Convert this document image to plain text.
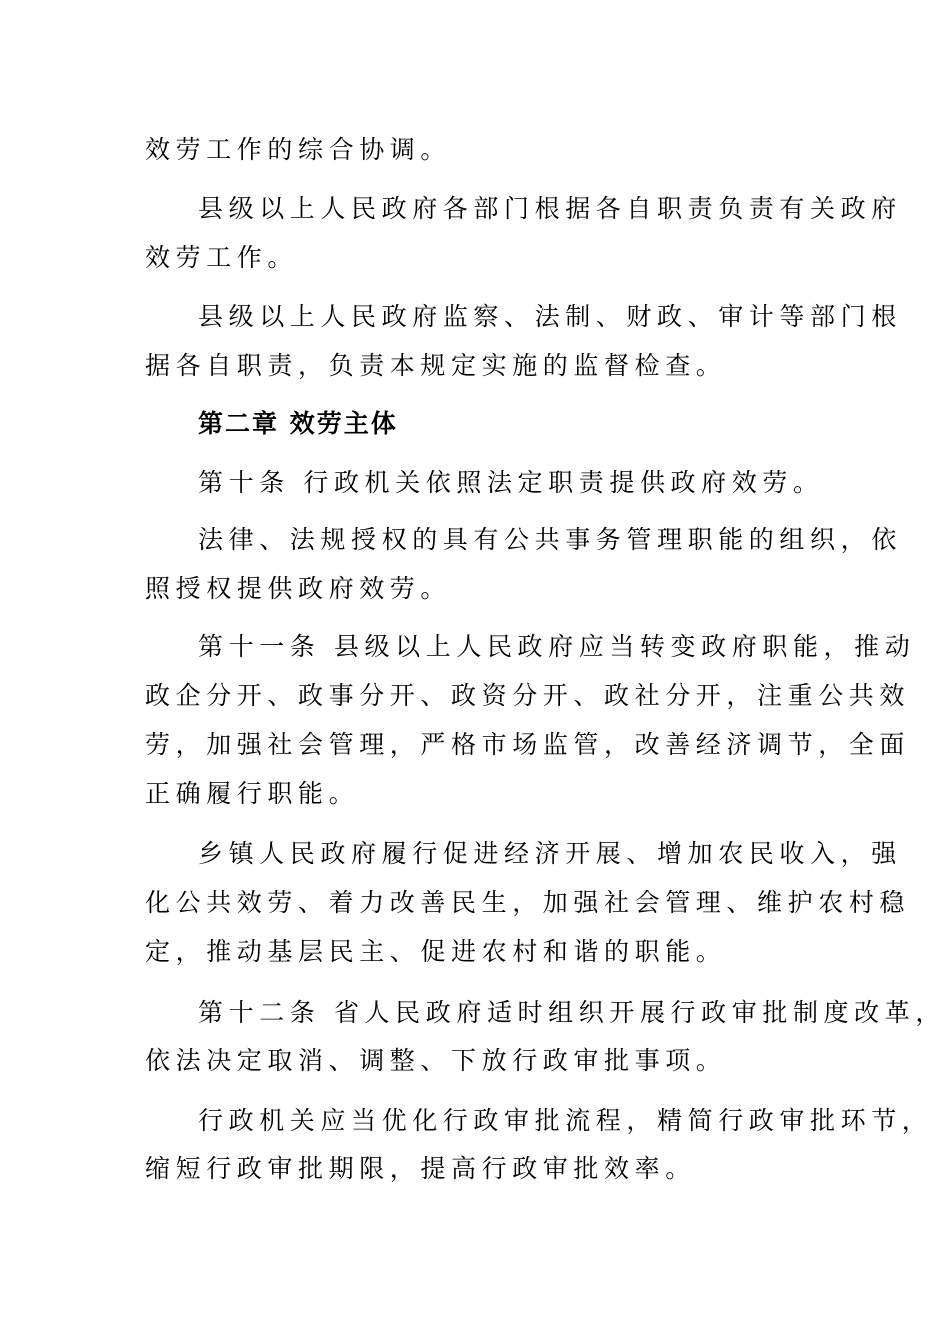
效劳工作的综合协调。
县级以上人民政府各部门根据各自职责负责有关政府
效劳工作。
县级以上人民政府监察、法制、财政、审计等部门根
据各自职责，负责本规定实施的监督检查。
第二章 效劳主体
第十条 行政机关依照法定职责提供政府效劳。
法律、法规授权的具有公共事务管理职能的组织，依
照授权提供政府效劳。
第十一条 县级以上人民政府应当转变政府职能，推动
政企分开、政事分开、政资分开、政社分开，注重公共效
劳，加强社会管理，严格市场监管，改善经济调节，全面
正确履行职能。
乡镇人民政府履行促进经济开展、增加农民收入，强
化公共效劳、着力改善民生，加强社会管理、维护农村稳
定，推动基层民主、促进农村和谐的职能。
第十二条 省人民政府适时组织开展行政审批制度改革，
依法决定取消、调整、下放行政审批事项。
行政机关应当优化行政审批流程，精简行政审批环节，
缩短行政审批期限，提高行政审批效率。
